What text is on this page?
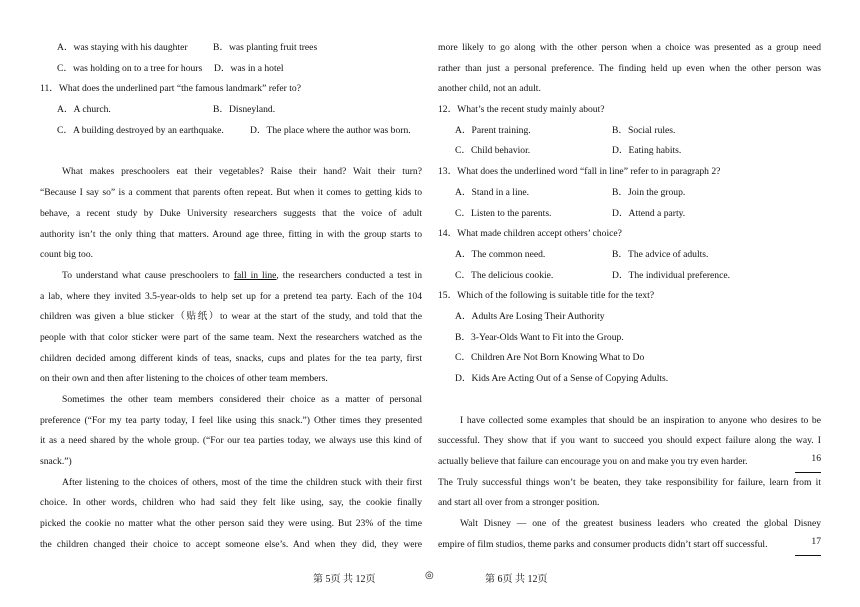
A．was staying with his daughter	B．was planting fruit trees
C．was holding on to a tree for hours D．was in a hotel
11．What does the underlined part “the famous landmark” refer to?
A．A church.	B．Disneyland.
C．A building destroyed by an earthquake.	D．The place where the author was born.
What makes preschoolers eat their vegetables? Raise their hand? Wait their turn?
“Because I say so” is a comment that parents often repeat. But when it comes to getting kids to
behave, a recent study by Duke University researchers suggests that the voice of adult
authority isn’t the only thing that matters. Around age three, fitting in with the group starts to
count big too.
To understand what cause preschoolers to fall in line, the researchers conducted a test in
a lab, where they invited 3.5-year-olds to help set up for a pretend tea party. Each of the 104
children was given a blue sticker（贴纸）to wear at the start of the study, and told that the
people with that color sticker were part of the same team. Next the researchers watched as the
children decided among different kinds of teas, snacks, cups and plates for the tea party, first
on their own and then after listening to the choices of other team members.
Sometimes the other team members considered their choice as a matter of personal
preference (“For my tea party today, I feel like using this snack.”) Other times they presented
it as a need shared by the whole group. (“For our tea parties today, we always use this kind of
snack.”)
After listening to the choices of others, most of the time the children stuck with their first
choice. In other words, children who had said they felt like using, say, the cookie finally
picked the cookie no matter what the other person said they were using. But 23% of the time
the children changed their choice to accept someone else’s. And when they did, they were
more likely to go along with the other person when a choice was presented as a group need
rather than just a personal preference. The finding held up even when the other person was
another child, not an adult.
12．What’s the recent study mainly about?
A．Parent training.	B．Social rules.
C．Child behavior.	D．Eating habits.
13．What does the underlined word “fall in line” refer to in paragraph 2?
A．Stand in a line.	B．Join the group.
C．Listen to the parents.	D．Attend a party.
14．What made children accept others’ choice?
A．The common need.	B．The advice of adults.
C．The delicious cookie.	D．The individual preference.
15．Which of the following is suitable title for the text?
A．Adults Are Losing Their Authority
B．3-Year-Olds Want to Fit into the Group.
C．Children Are Not Born Knowing What to Do
D．Kids Are Acting Out of a Sense of Copying Adults.
I have collected some examples that should be an inspiration to anyone who desires to be
successful. They show that if you want to succeed you should expect failure along the way. I
actually believe that failure can encourage you on and make you try even harder.	16
The Truly successful things won’t be beaten, they take responsibility for failure, learn from it
and start all over from a stronger position.
Walt Disney — one of the greatest business leaders who created the global Disney
empire of film studios, theme parks and consumer products didn’t start off successful.	17
第 5页 共 12页	◎	第 6页 共 12页
